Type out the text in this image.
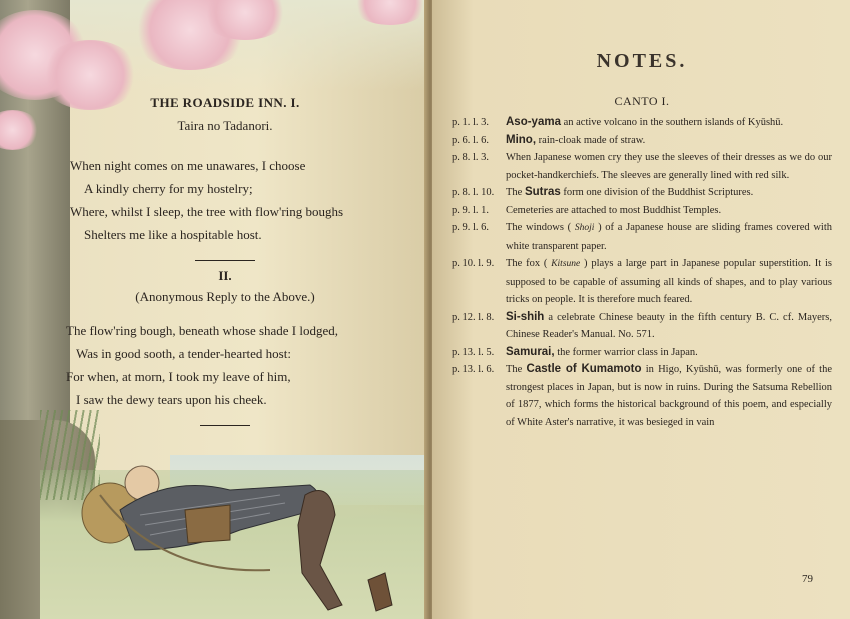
THE ROADSIDE INN. I.
Taira no Tadanori.
When night comes on me unawares, I choose
A kindly cherry for my hostelry;
Where, whilst I sleep, the tree with flow'ring boughs
Shelters me like a hospitable host.
II.
(Anonymous Reply to the Above.)
The flow'ring bough, beneath whose shade I lodged,
Was in good sooth, a tender-hearted host:
For when, at morn, I took my leave of him,
I saw the dewy tears upon his cheek.
NOTES.
CANTO I.
p. 1. l. 3. Aso-yama an active volcano in the southern islands of Kyūshū.
p. 6. l. 6. Mino, rain-cloak made of straw.
p. 8. l. 3. When Japanese women cry they use the sleeves of their dresses as we do our pocket-handkerchiefs. The sleeves are generally lined with red silk.
p. 8. l. 10. The Sutras form one division of the Buddhist Scriptures.
p. 9. l. 1. Cemeteries are attached to most Buddhist Temples.
p. 9. l. 6. The windows ( Shoji ) of a Japanese house are sliding frames covered with white transparent paper.
p. 10. l. 9. The fox ( Kitsune ) plays a large part in Japanese popular superstition. It is supposed to be capable of assuming all kinds of shapes, and to play various tricks on people. It is therefore much feared.
p. 12. l. 8. Si-shih a celebrate Chinese beauty in the fifth century B. C. cf. Mayers, Chinese Reader's Manual. No. 571.
p. 13. l. 5. Samurai, the former warrior class in Japan.
p. 13. l. 6. The Castle of Kumamoto in Higo, Kyūshū, was formerly one of the strongest places in Japan, but is now in ruins. During the Satsuma Rebellion of 1877, which forms the historical background of this poem, and especially of White Aster's narrative, it was besieged in vain
79
